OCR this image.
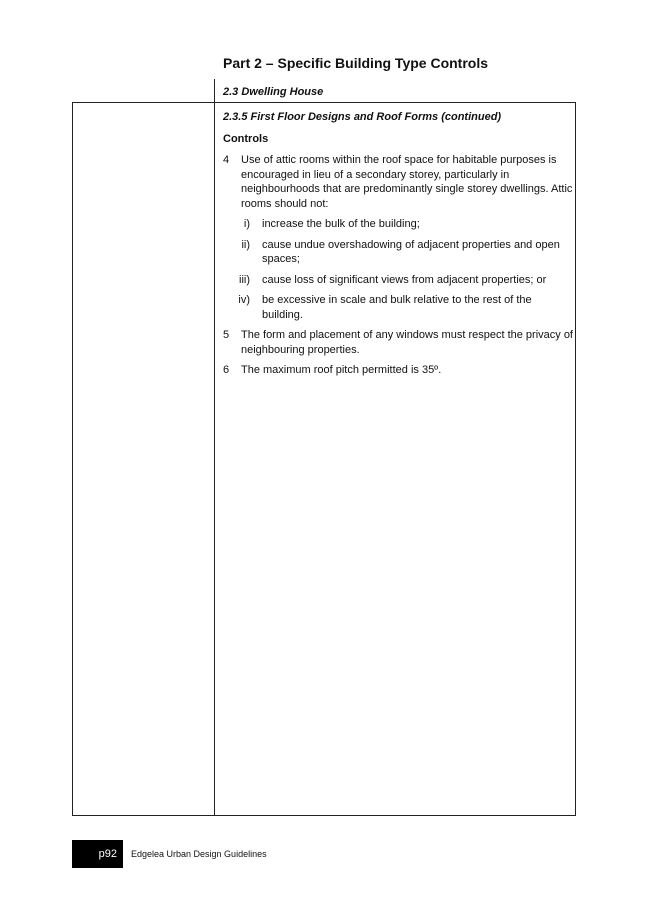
Part 2 – Specific Building Type Controls
2.3 Dwelling House

2.3.5 First Floor Designs and Roof Forms (continued)

Controls

4 Use of attic rooms within the roof space for habitable purposes is encouraged in lieu of a secondary storey, particularly in neighbourhoods that are predominantly single storey dwellings. Attic rooms should not:
i) increase the bulk of the building;
ii) cause undue overshadowing of adjacent properties and open spaces;
iii) cause loss of significant views from adjacent properties; or
iv) be excessive in scale and bulk relative to the rest of the building.
5 The form and placement of any windows must respect the privacy of neighbouring properties.
6 The maximum roof pitch permitted is 35º.
p92 Edgelea Urban Design Guidelines
